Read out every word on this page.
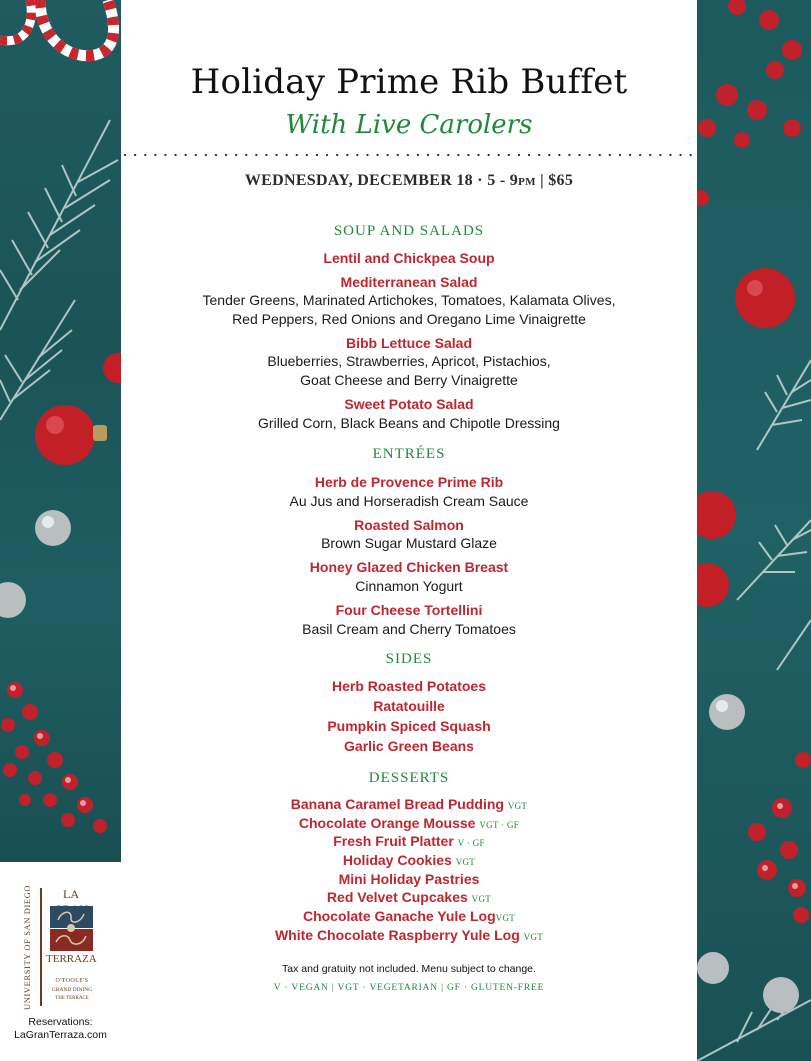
UNIVERSITY OF SAN DIEGO	LA
TERRAZA
O'TOOLE'S
GRAND DINING
THE TERRACE
Reservations:
LaGranTerraza.com
Holiday Prime Rib Buffet
With Live Carolers
WEDNESDAY, DECEMBER 18 · 5 - 9PM | $65
SOUP AND SALADS
Lentil and Chickpea Soup
Mediterranean Salad
Tender Greens, Marinated Artichokes, Tomatoes, Kalamata Olives,
Red Peppers, Red Onions and Oregano Lime Vinaigrette
Bibb Lettuce Salad
Blueberries, Strawberries, Apricot, Pistachios,
Goat Cheese and Berry Vinaigrette
Sweet Potato Salad
Grilled Corn, Black Beans and Chipotle Dressing
ENTRÉES
Herb de Provence Prime Rib
Au Jus and Horseradish Cream Sauce
Roasted Salmon
Brown Sugar Mustard Glaze
Honey Glazed Chicken Breast
Cinnamon Yogurt
Four Cheese Tortellini
Basil Cream and Cherry Tomatoes
SIDES
Herb Roasted Potatoes
Ratatouille
Pumpkin Spiced Squash
Garlic Green Beans
DESSERTS
Banana Caramel Bread Pudding VGT
Chocolate Orange Mousse VGT · GF
Fresh Fruit Platter V · GF
Holiday Cookies VGT
Mini Holiday Pastries
Red Velvet Cupcakes VGT
Chocolate Ganache Yule LogVGT
White Chocolate Raspberry Yule Log VGT
Tax and gratuity not included. Menu subject to change.
V · VEGAN | VGT · VEGETARIAN | GF · GLUTEN-FREE
